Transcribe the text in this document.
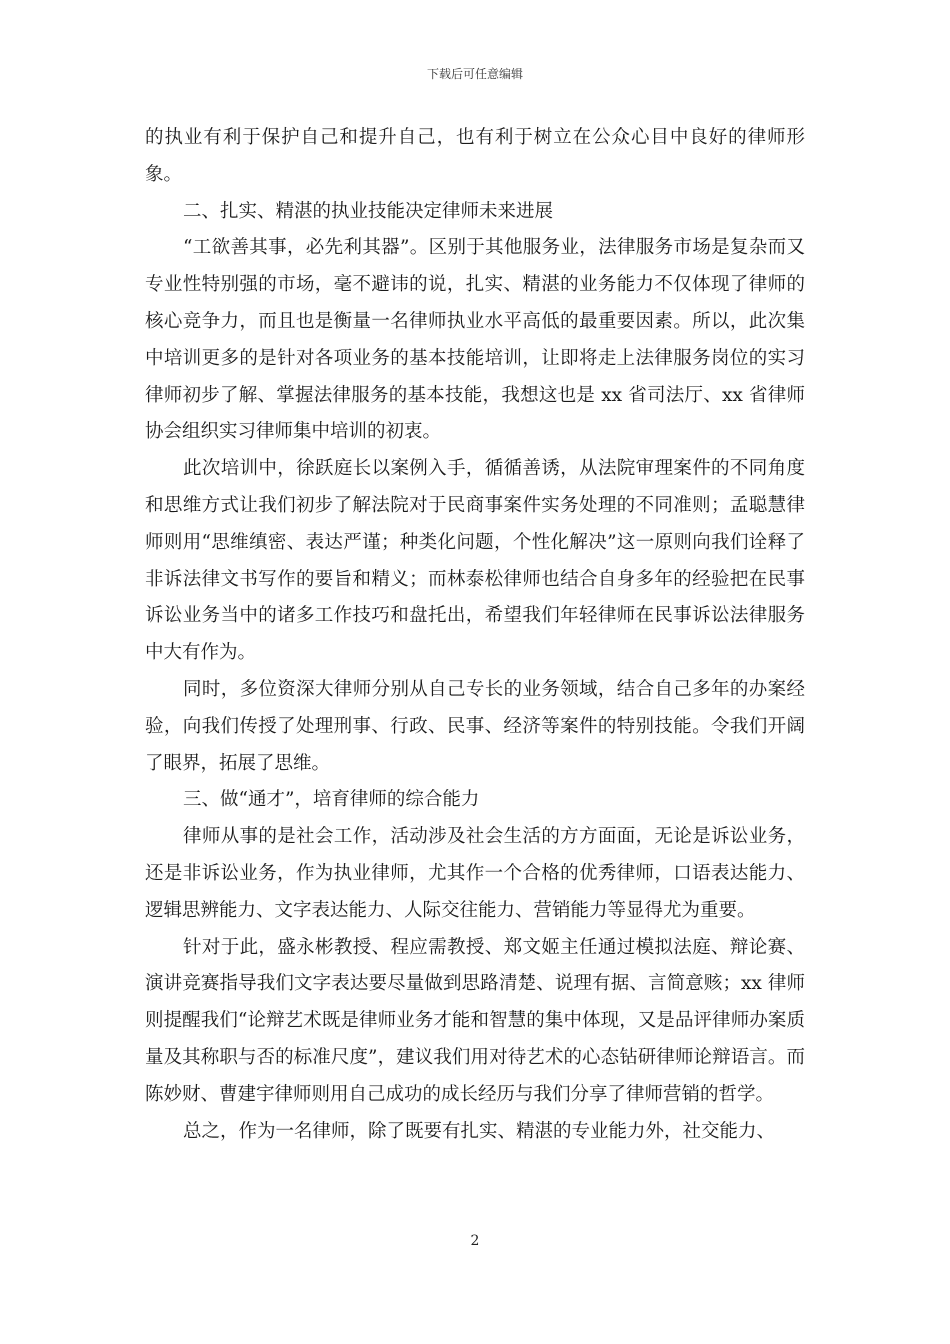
下载后可任意编辑

的执业有利于保护自己和提升自己，也有利于树立在公众心目中良好的律师形象。

二、扎实、精湛的执业技能决定律师未来进展

“工欲善其事，必先利其器”。区别于其他服务业，法律服务市场是复杂而又专业性特别强的市场，毫不避讳的说，扎实、精湛的业务能力不仅体现了律师的核心竞争力，而且也是衡量一名律师执业水平高低的最重要因素。所以，此次集中培训更多的是针对各项业务的基本技能培训，让即将走上法律服务岗位的实习律师初步了解、掌握法律服务的基本技能，我想这也是 xx 省司法厅、xx 省律师协会组织实习律师集中培训的初衷。

此次培训中，徐跃庭长以案例入手，循循善诱，从法院审理案件的不同角度和思维方式让我们初步了解法院对于民商事案件实务处理的不同准则；孟聪慧律师则用“思维缜密、表达严谨；种类化问题，个性化解决”这一原则向我们诠释了非诉法律文书写作的要旨和精义；而林泰松律师也结合自身多年的经验把在民事诉讼业务当中的诸多工作技巧和盘托出，希望我们年轻律师在民事诉讼法律服务中大有作为。

同时，多位资深大律师分别从自己专长的业务领域，结合自己多年的办案经验，向我们传授了处理刑事、行政、民事、经济等案件的特别技能。令我们开阔了眼界，拓展了思维。

三、做“通才”，培育律师的综合能力

律师从事的是社会工作，活动涉及社会生活的方方面面，无论是诉讼业务，还是非诉讼业务，作为执业律师，尤其作一个合格的优秀律师，口语表达能力、逻辑思辨能力、文字表达能力、人际交往能力、营销能力等显得尤为重要。

针对于此，盛永彬教授、程应需教授、郑文姬主任通过模拟法庭、辩论赛、演讲竞赛指导我们文字表达要尽量做到思路清楚、说理有据、言简意赅；xx 律师则提醒我们“论辩艺术既是律师业务才能和智慧的集中体现，又是品评律师办案质量及其称职与否的标准尺度”，建议我们用对待艺术的心态钻研律师论辩语言。而陈妙财、曹建宇律师则用自己成功的成长经历与我们分享了律师营销的哲学。

总之，作为一名律师，除了既要有扎实、精湛的专业能力外，社交能力、

2
